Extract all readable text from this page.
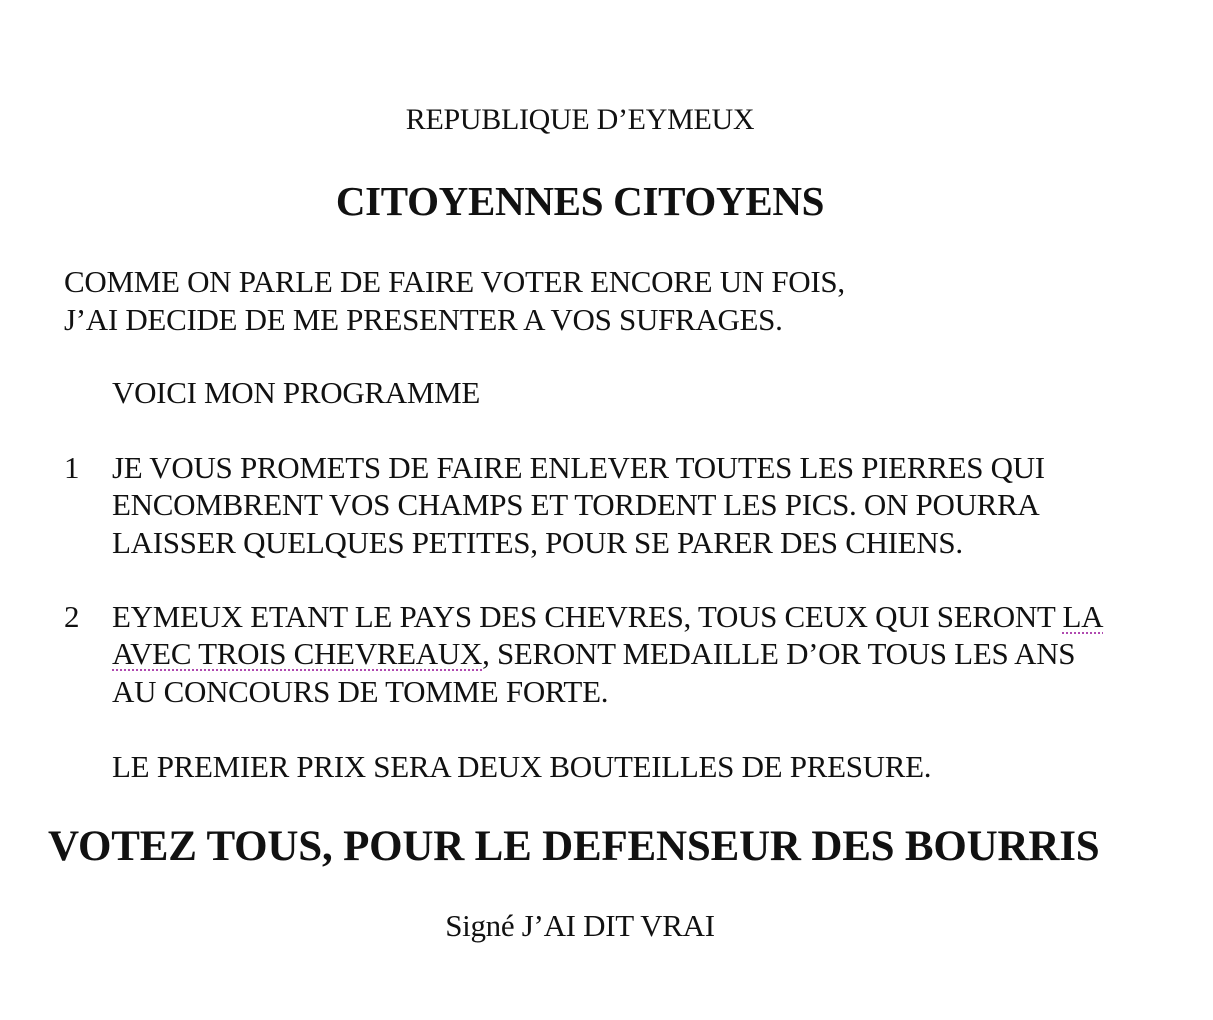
REPUBLIQUE D’EYMEUX

CITOYENNES CITOYENS

COMME ON PARLE DE FAIRE VOTER ENCORE UN FOIS,

J’AI DECIDE DE ME PRESENTER A VOS SUFRAGES.

VOICI MON PROGRAMME

1 JE VOUS PROMETS DE FAIRE ENLEVER TOUTES LES PIERRES QUI

ENCOMBRENT VOS CHAMPS ET TORDENT LES PICS. ON POURRA

LAISSER QUELQUES PETITES, POUR SE PARER DES CHIENS.

2 EYMEUX ETANT LE PAYS DES CHEVRES, TOUS CEUX QUI SERONT LA

AVEC TROIS CHEVREAUX, SERONT MEDAILLE D’OR TOUS LES ANS

AU CONCOURS DE TOMME FORTE.

LE PREMIER PRIX SERA DEUX BOUTEILLES DE PRESURE.

VOTEZ TOUS, POUR LE DEFENSEUR DES BOURRIS

Signé J’AI DIT VRAI
